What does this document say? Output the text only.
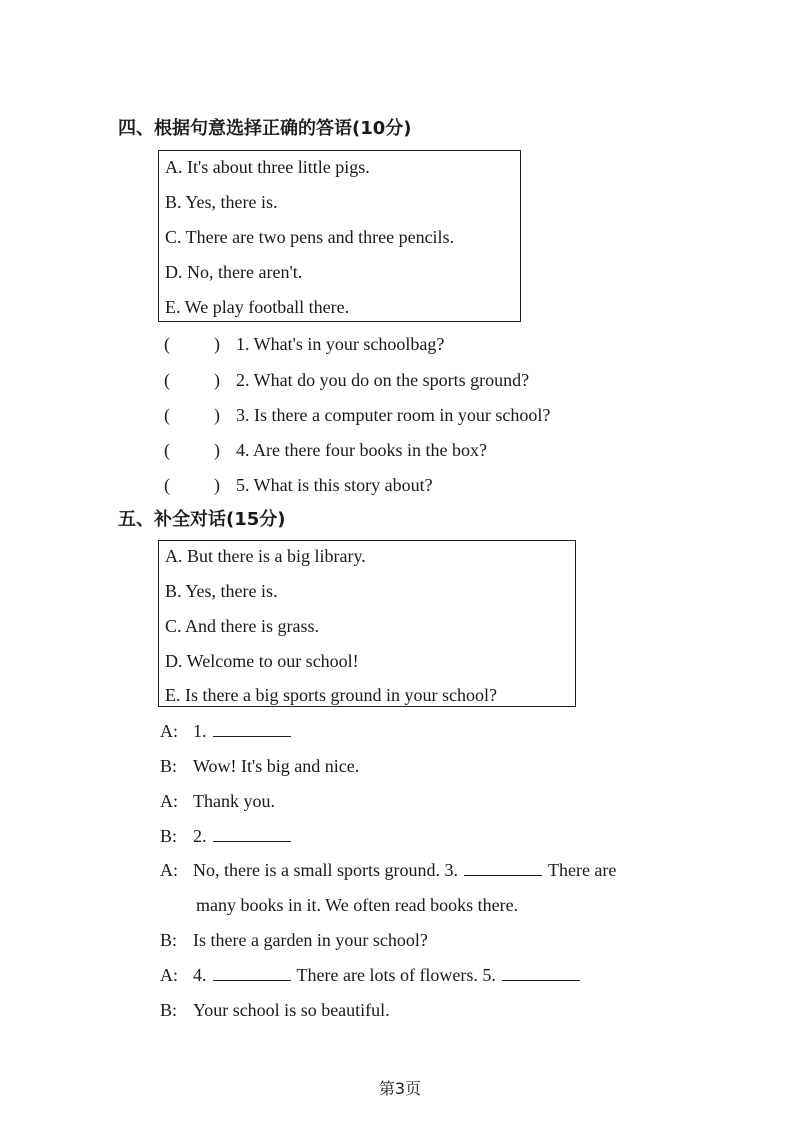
四、根据句意选择正确的答语(10分)
A. It's about three little pigs.
B. Yes, there is.
C. There are two pens and three pencils.
D. No, there aren't.
E. We play football there.
( ) 1. What's in your schoolbag?
( ) 2. What do you do on the sports ground?
( ) 3. Is there a computer room in your school?
( ) 4. Are there four books in the box?
( ) 5. What is this story about?
五、补全对话(15分)
A. But there is a big library.
B. Yes, there is.
C. And there is grass.
D. Welcome to our school!
E. Is there a big sports ground in your school?
A: 1.
B: Wow! It's big and nice.
A: Thank you.
B: 2.
A: No, there is a small sports ground. 3.	There are
many books in it. We often read books there.
B: Is there a garden in your school?
A: 4.	There are lots of flowers. 5.
B: Your school is so beautiful.
第3页
